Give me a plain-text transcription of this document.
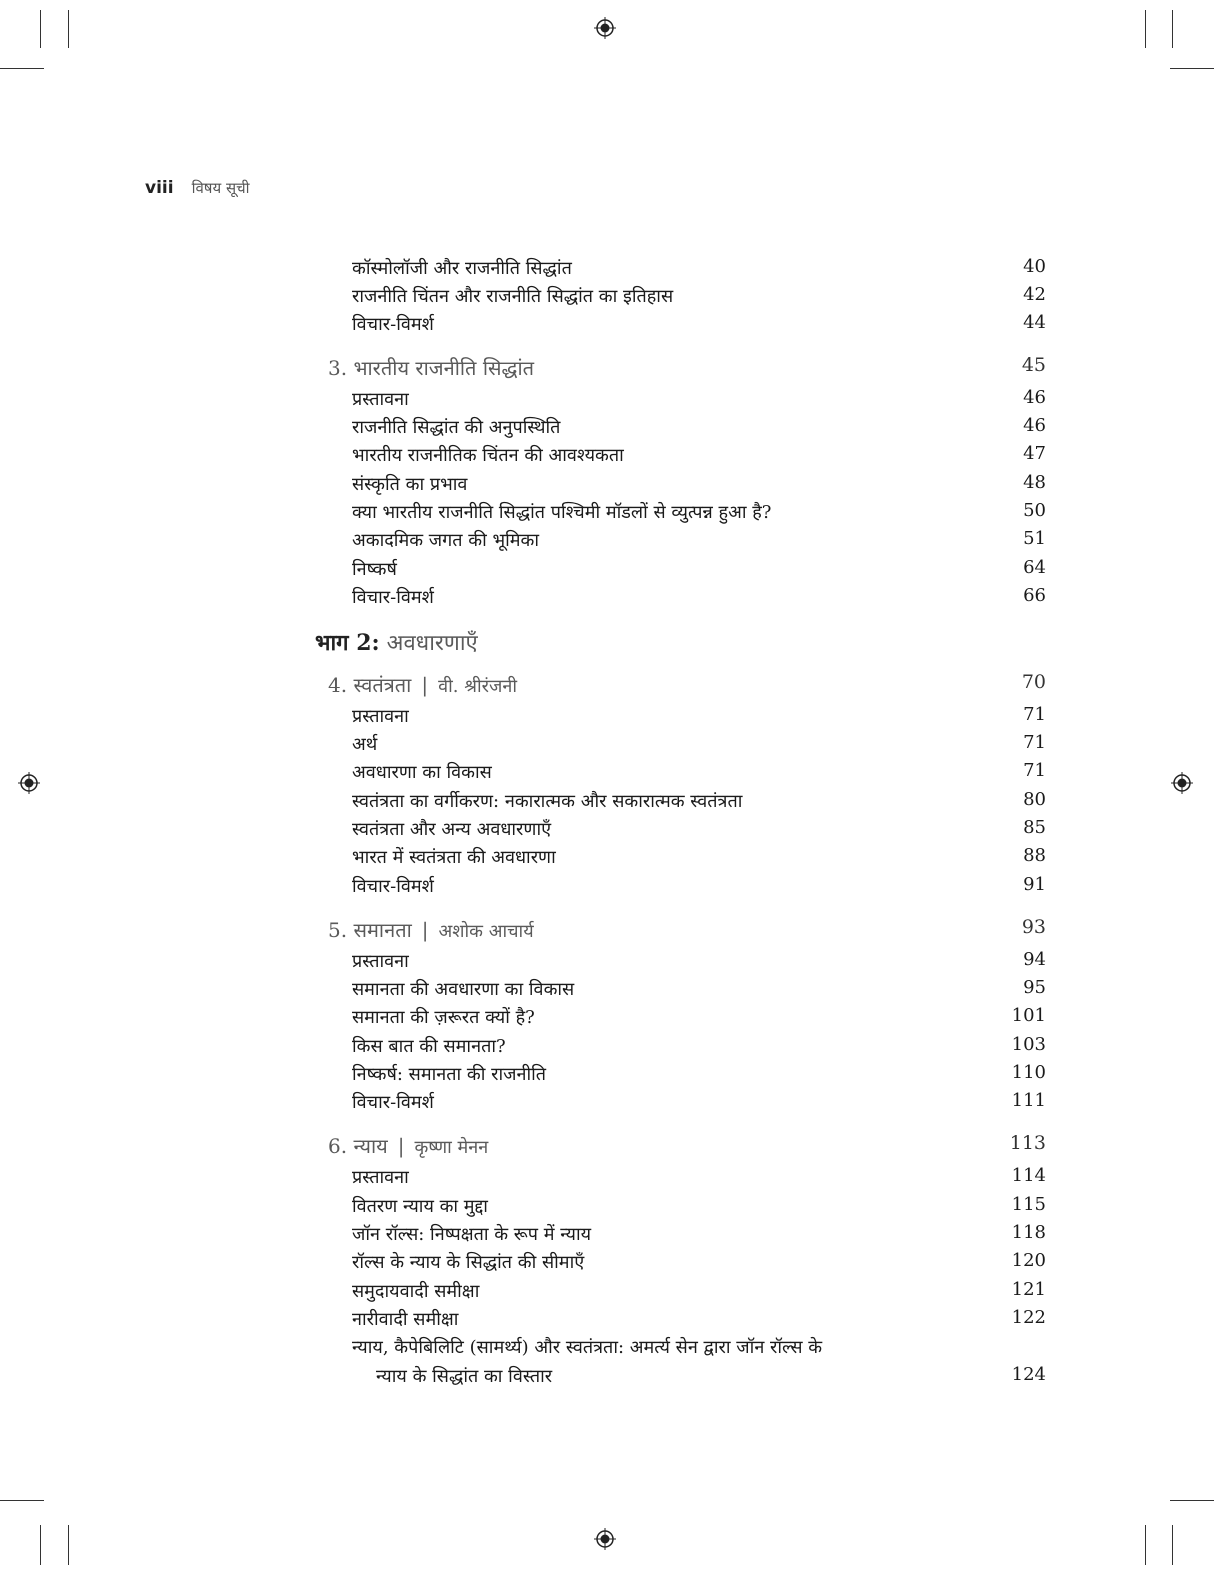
viii विषय सूची
कॉस्मोलॉजी और राजनीति सिद्धांत	40
राजनीति चिंतन और राजनीति सिद्धांत का इतिहास	42
विचार-विमर्श	44
3. भारतीय राजनीति सिद्धांत	45
प्रस्तावना	46
राजनीति सिद्धांत की अनुपस्थिति	46
भारतीय राजनीतिक चिंतन की आवश्यकता	47
संस्कृति का प्रभाव	48
क्या भारतीय राजनीति सिद्धांत पश्चिमी मॉडलों से व्युत्पन्न हुआ है?	50
अकादमिक जगत की भूमिका	51
निष्कर्ष	64
विचार-विमर्श	66
भाग 2: अवधारणाएँ
4. स्वतंत्रता | वी. श्रीरंजनी	70
प्रस्तावना	71
अर्थ	71
अवधारणा का विकास	71
स्वतंत्रता का वर्गीकरण: नकारात्मक और सकारात्मक स्वतंत्रता	80
स्वतंत्रता और अन्य अवधारणाएँ	85
भारत में स्वतंत्रता की अवधारणा	88
विचार-विमर्श	91
5. समानता | अशोक आचार्य	93
प्रस्तावना	94
समानता की अवधारणा का विकास	95
समानता की ज़रूरत क्यों है?	101
किस बात की समानता?	103
निष्कर्ष: समानता की राजनीति	110
विचार-विमर्श	111
6. न्याय | कृष्णा मेनन	113
प्रस्तावना	114
वितरण न्याय का मुद्दा	115
जॉन रॉल्स: निष्पक्षता के रूप में न्याय	118
रॉल्स के न्याय के सिद्धांत की सीमाएँ	120
समुदायवादी समीक्षा	121
नारीवादी समीक्षा	122
न्याय, कैपेबिलिटि (सामर्थ्य) और स्वतंत्रता: अमर्त्य सेन द्वारा जॉन रॉल्स के
न्याय के सिद्धांत का विस्तार	124
